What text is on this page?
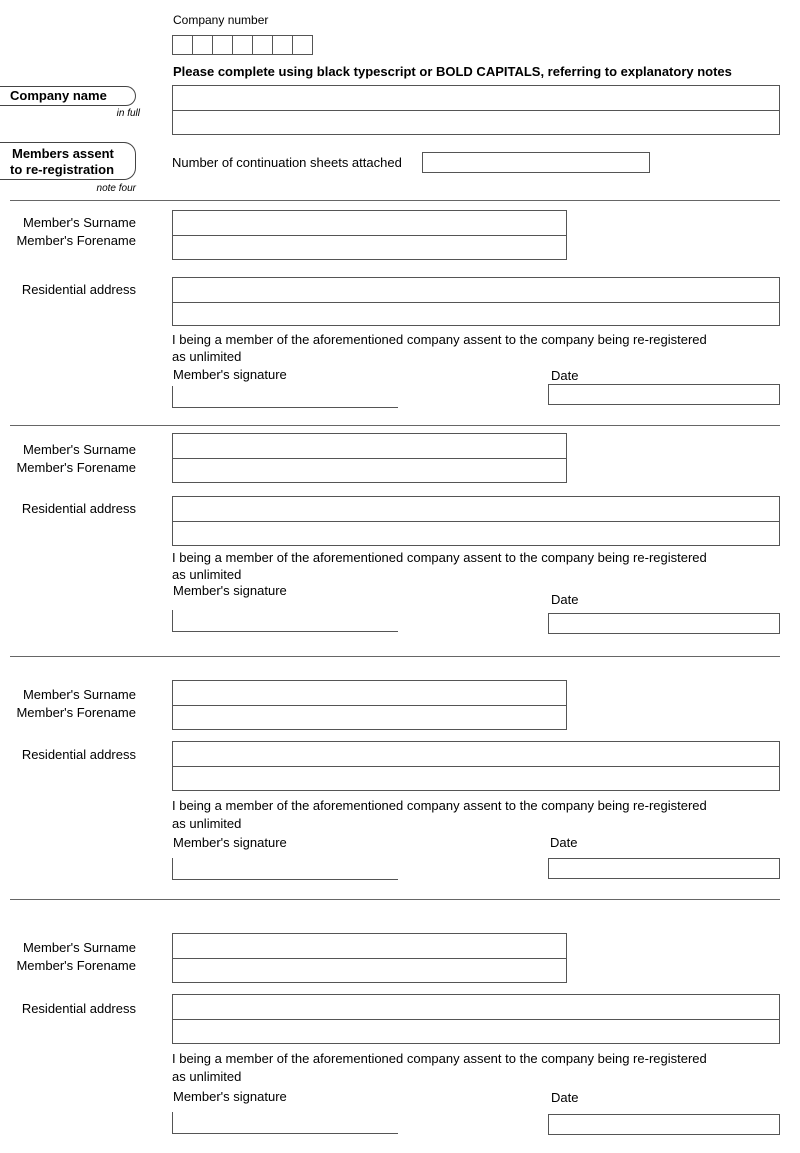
Company number
Please complete using black typescript or BOLD CAPITALS, referring to explanatory notes
Company name
in full
Members assent
to re-registration
note four
Number of continuation sheets attached
Member's Surname
Member's Forename
Residential address
I being a member of the aforementioned company assent to the company being re-registered
as unlimited
Member's signature	Date
Member's Surname
Member's Forename
Residential address
I being a member of the aforementioned company assent to the company being re-registered
as unlimited
Member's signature
Date
Member's Surname
Member's Forename
Residential address
I being a member of the aforementioned company assent to the company being re-registered
as unlimited
Member's signature	Date
Member's Surname
Member's Forename
Residential address
I being a member of the aforementioned company assent to the company being re-registered
as unlimited
Member's signature	Date
